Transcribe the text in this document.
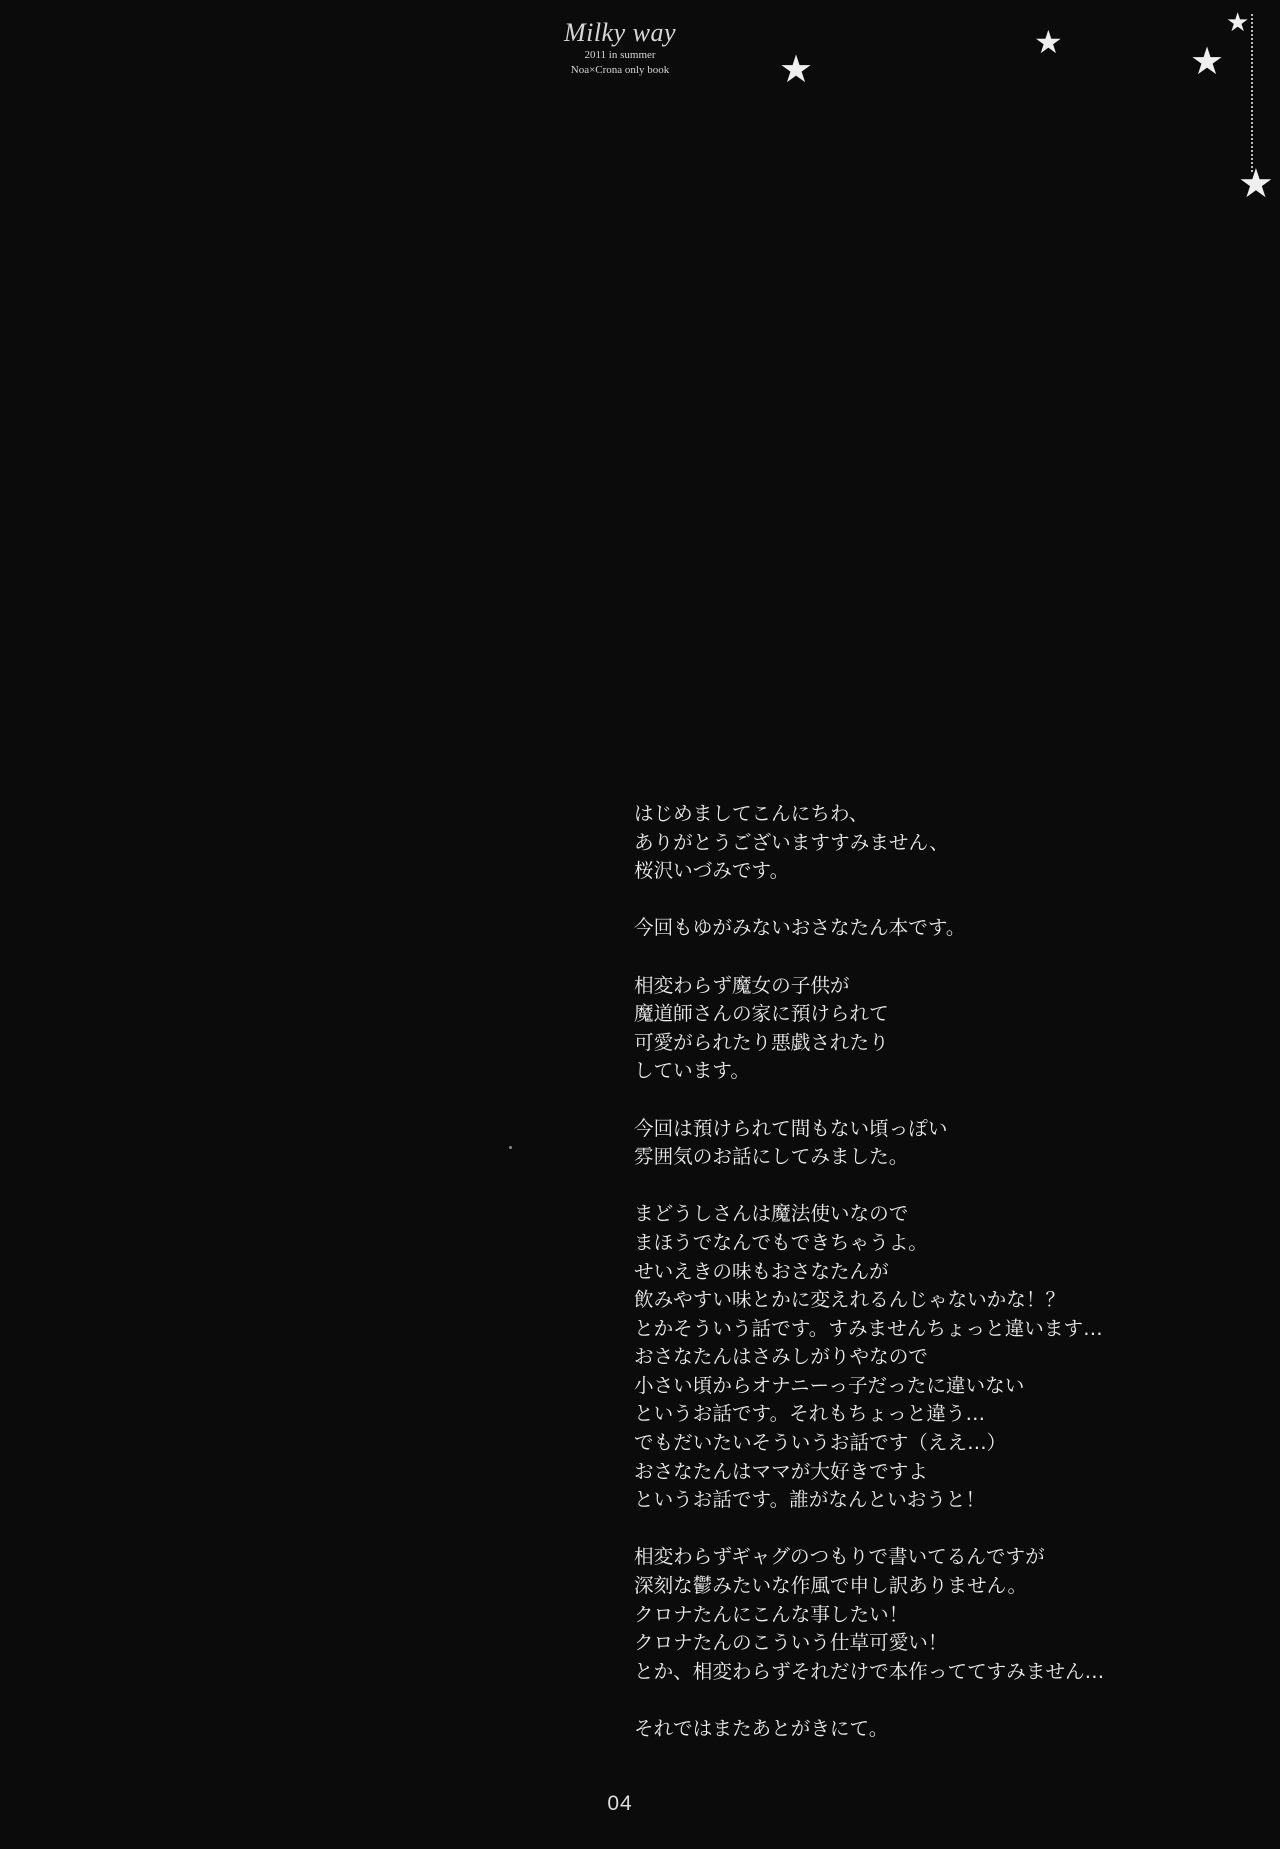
Milky way
2011 in summer
Noa×Crona only book	★
★	★
★
★
はじめましてこんにちわ、
ありがとうございますすみません、
桜沢いづみです。
今回もゆがみないおさなたん本です。
相変わらず魔女の子供が
魔道師さんの家に預けられて
可愛がられたり悪戯されたり
しています。
今回は預けられて間もない頃っぽい
雰囲気のお話にしてみました。
まどうしさんは魔法使いなので
まほうでなんでもできちゃうよ。
せいえきの味もおさなたんが
飲みやすい味とかに変えれるんじゃないかな！？
とかそういう話です。すみませんちょっと違います…
おさなたんはさみしがりやなので
小さい頃からオナニーっ子だったに違いない
というお話です。それもちょっと違う…
でもだいたいそういうお話です（ええ…）
おさなたんはママが大好きですよ
というお話です。誰がなんといおうと！
相変わらずギャグのつもりで書いてるんですが
深刻な鬱みたいな作風で申し訳ありません。
クロナたんにこんな事したい！
クロナたんのこういう仕草可愛い！
とか、相変わらずそれだけで本作っててすみません…
それではまたあとがきにて。
04
